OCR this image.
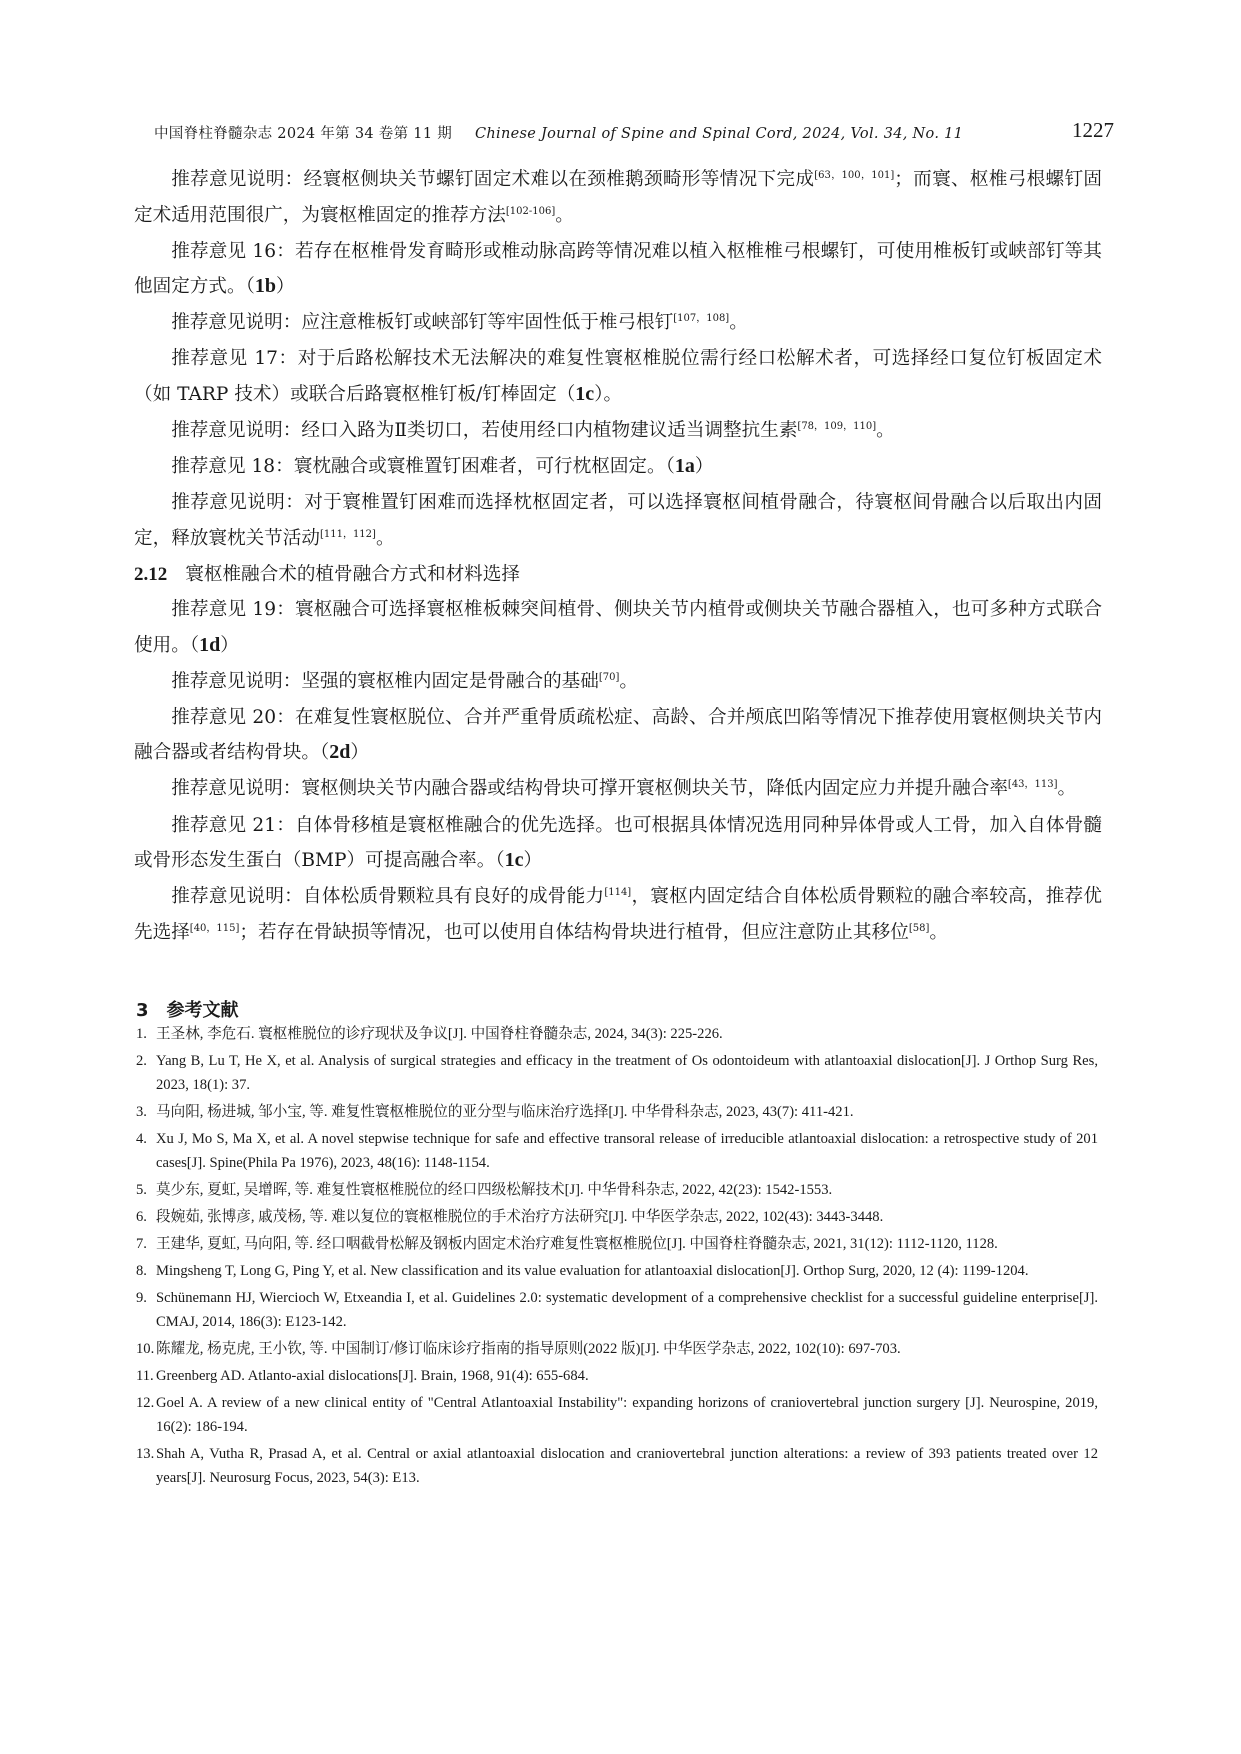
中国脊柱脊髓杂志 2024 年第 34 卷第 11 期 Chinese Journal of Spine and Spinal Cord, 2024, Vol. 34, No. 11	1227

推荐意见说明：经寰枢侧块关节螺钉固定术难以在颈椎鹅颈畸形等情况下完成[63，100，101]；而寰、枢椎弓根螺钉固定术适用范围很广，为寰枢椎固定的推荐方法[102-106]。

推荐意见 16：若存在枢椎骨发育畸形或椎动脉高跨等情况难以植入枢椎椎弓根螺钉，可使用椎板钉或峡部钉等其他固定方式。（1b）

推荐意见说明：应注意椎板钉或峡部钉等牢固性低于椎弓根钉[107，108]。

推荐意见 17：对于后路松解技术无法解决的难复性寰枢椎脱位需行经口松解术者，可选择经口复位钉板固定术（如 TARP 技术）或联合后路寰枢椎钉板/钉棒固定（1c）。

推荐意见说明：经口入路为Ⅱ类切口，若使用经口内植物建议适当调整抗生素[78，109，110]。

推荐意见 18：寰枕融合或寰椎置钉困难者，可行枕枢固定。（1a）

推荐意见说明：对于寰椎置钉困难而选择枕枢固定者，可以选择寰枢间植骨融合，待寰枢间骨融合以后取出内固定，释放寰枕关节活动[111，112]。

2.12 寰枢椎融合术的植骨融合方式和材料选择

推荐意见 19：寰枢融合可选择寰枢椎板棘突间植骨、侧块关节内植骨或侧块关节融合器植入，也可多种方式联合使用。（1d）

推荐意见说明：坚强的寰枢椎内固定是骨融合的基础[70]。

推荐意见 20：在难复性寰枢脱位、合并严重骨质疏松症、高龄、合并颅底凹陷等情况下推荐使用寰枢侧块关节内融合器或者结构骨块。（2d）

推荐意见说明：寰枢侧块关节内融合器或结构骨块可撑开寰枢侧块关节，降低内固定应力并提升融合率[43，113]。

推荐意见 21：自体骨移植是寰枢椎融合的优先选择。也可根据具体情况选用同种异体骨或人工骨，加入自体骨髓或骨形态发生蛋白（BMP）可提高融合率。（1c）

推荐意见说明：自体松质骨颗粒具有良好的成骨能力[114]，寰枢内固定结合自体松质骨颗粒的融合率较高，推荐优先选择[40，115]；若存在骨缺损等情况，也可以使用自体结构骨块进行植骨，但应注意防止其移位[58]。

3 参考文献
1. 王圣林, 李危石. 寰枢椎脱位的诊疗现状及争议[J]. 中国脊柱脊髓杂志, 2024, 34(3): 225-226.
2. Yang B, Lu T, He X, et al. Analysis of surgical strategies and efficacy in the treatment of Os odontoideum with atlantoaxial dislocation[J]. J Orthop Surg Res, 2023, 18(1): 37.
3. 马向阳, 杨进城, 邹小宝, 等. 难复性寰枢椎脱位的亚分型与临床治疗选择[J]. 中华骨科杂志, 2023, 43(7): 411-421.
4. Xu J, Mo S, Ma X, et al. A novel stepwise technique for safe and effective transoral release of irreducible atlantoaxial dislocation: a retrospective study of 201 cases[J]. Spine(Phila Pa 1976), 2023, 48(16): 1148-1154.
5. 莫少东, 夏虹, 吴增晖, 等. 难复性寰枢椎脱位的经口四级松解技术[J]. 中华骨科杂志, 2022, 42(23): 1542-1553.
6. 段婉茹, 张博彦, 戚茂杨, 等. 难以复位的寰枢椎脱位的手术治疗方法研究[J]. 中华医学杂志, 2022, 102(43): 3443-3448.
7. 王建华, 夏虹, 马向阳, 等. 经口咽截骨松解及钢板内固定术治疗难复性寰枢椎脱位[J]. 中国脊柱脊髓杂志, 2021, 31(12): 1112-1120, 1128.
8. Mingsheng T, Long G, Ping Y, et al. New classification and its value evaluation for atlantoaxial dislocation[J]. Orthop Surg, 2020, 12 (4): 1199-1204.
9. Schünemann HJ, Wiercioch W, Etxeandia I, et al. Guidelines 2.0: systematic development of a comprehensive checklist for a successful guideline enterprise[J]. CMAJ, 2014, 186(3): E123-142.
10. 陈耀龙, 杨克虎, 王小钦, 等. 中国制订/修订临床诊疗指南的指导原则(2022 版)[J]. 中华医学杂志, 2022, 102(10): 697-703.
11. Greenberg AD. Atlanto-axial dislocations[J]. Brain, 1968, 91(4): 655-684.
12. Goel A. A review of a new clinical entity of "Central Atlantoaxial Instability": expanding horizons of craniovertebral junction surgery [J]. Neurospine, 2019, 16(2): 186-194.
13. Shah A, Vutha R, Prasad A, et al. Central or axial atlantoaxial dislocation and craniovertebral junction alterations: a review of 393 patients treated over 12 years[J]. Neurosurg Focus, 2023, 54(3): E13.
